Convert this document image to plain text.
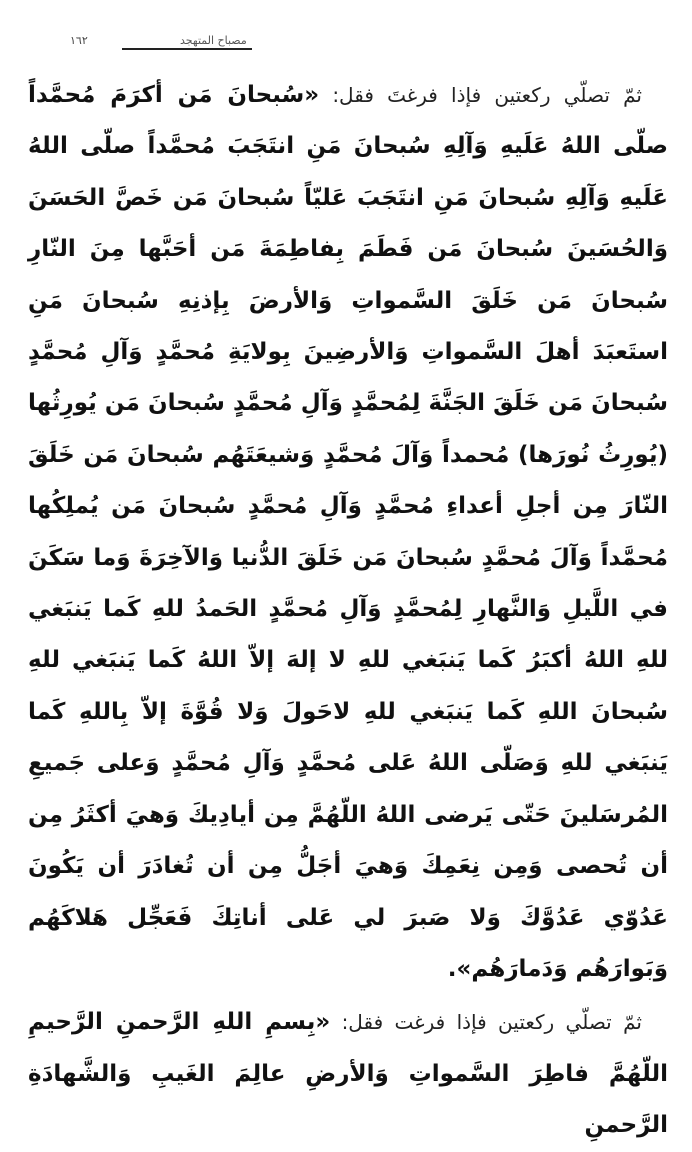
١٦٢	مصباح المتهجد

ثمّ تصلّي ركعتين فإذا فرغتَ فقل: «سُبحانَ مَن أكرَمَ مُحمَّداً صلّى اللهُ عَلَيهِ وَآلِهِ سُبحانَ مَنِ انتَجَبَ مُحمَّداً صلّى اللهُ عَلَيهِ وَآلِهِ سُبحانَ مَنِ انتَجَبَ عَليّاً سُبحانَ مَن خَصَّ الحَسَنَ وَالحُسَينَ سُبحانَ مَن فَطَمَ بِفاطِمَةَ مَن أحَبَّها مِنَ النّارِ سُبحانَ مَن خَلَقَ السَّمواتِ وَالأرضَ بِإذنِهِ سُبحانَ مَنِ استَعبَدَ أهلَ السَّمواتِ وَالأرضِينَ بِولايَةِ مُحمَّدٍ وَآلِ مُحمَّدٍ سُبحانَ مَن خَلَقَ الجَنَّةَ لِمُحمَّدٍ وَآلِ مُحمَّدٍ سُبحانَ مَن يُورِثُها (يُورِثُ نُورَها) مُحمداً وَآلَ مُحمَّدٍ وَشيعَتَهُم سُبحانَ مَن خَلَقَ النّارَ مِن أجلِ أعداءِ مُحمَّدٍ وَآلِ مُحمَّدٍ سُبحانَ مَن يُملِكُها مُحمَّداً وَآلَ مُحمَّدٍ سُبحانَ مَن خَلَقَ الدُّنيا وَالآخِرَةَ وَما سَكَنَ في اللَّيلِ وَالنَّهارِ لِمُحمَّدٍ وَآلِ مُحمَّدٍ الحَمدُ للهِ كَما يَنبَغي للهِ اللهُ أكبَرُ كَما يَنبَغي للهِ لا إلهَ إلاّ اللهُ كَما يَنبَغي للهِ سُبحانَ اللهِ كَما يَنبَغي للهِ لاحَولَ وَلا قُوَّةَ إلاّ بِاللهِ كَما يَنبَغي للهِ وَصَلّى اللهُ عَلى مُحمَّدٍ وَآلِ مُحمَّدٍ وَعلى جَميعِ المُرسَلينَ حَتّى يَرضى اللهُ اللّهُمَّ مِن أيادِيكَ وَهيَ أكثَرُ مِن أن تُحصى وَمِن نِعَمِكَ وَهيَ أجَلُّ مِن أن تُغادَرَ أن يَكُونَ عَدُوّي عَدُوَّكَ وَلا صَبرَ لي عَلى أناتِكَ فَعَجِّل هَلاكَهُم وَبَوارَهُم وَدَمارَهُم».

ثمّ تصلّي ركعتين فإذا فرغت فقل: «بِسمِ اللهِ الرَّحمنِ الرَّحيمِ اللّهُمَّ فاطِرَ السَّمواتِ وَالأرضِ عالِمَ الغَيبِ وَالشَّهادَةِ الرَّحمنِ
